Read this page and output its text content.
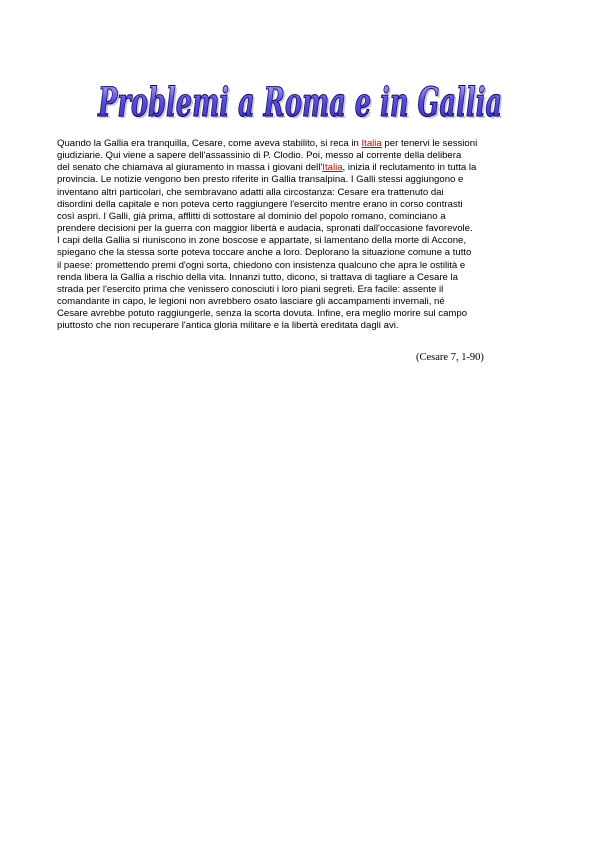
Problemi a Roma e in Gallia
Problemi a Roma e in Gallia

Quando la Gallia era tranquilla, Cesare, come aveva stabilito, si reca in Italia per tenervi le sessioni
giudiziarie. Qui viene a sapere dell'assassinio di P. Clodio. Poi, messo al corrente della delibera
del senato che chiamava al giuramento in massa i giovani dell'Italia, inizia il reclutamento in tutta la
provincia. Le notizie vengono ben presto riferite in Gallia transalpina. I Galli stessi aggiungono e
inventano altri particolari, che sembravano adatti alla circostanza: Cesare era trattenuto dai
disordini della capitale e non poteva certo raggiungere l'esercito mentre erano in corso contrasti
così aspri. I Galli, già prima, afflitti di sottostare al dominio del popolo romano, cominciano a
prendere decisioni per la guerra con maggior libertà e audacia, spronati dall'occasione favorevole.
I capi della Gallia si riuniscono in zone boscose e appartate, si lamentano della morte di Accone,
spiegano che la stessa sorte poteva toccare anche a loro. Deplorano la situazione comune a tutto
il paese: promettendo premi d'ogni sorta, chiedono con insistenza qualcuno che apra le ostilità e
renda libera la Gallia a rischio della vita. Innanzi tutto, dicono, si trattava di tagliare a Cesare la
strada per l'esercito prima che venissero conosciuti i loro piani segreti. Era facile: assente il
comandante in capo, le legioni non avrebbero osato lasciare gli accampamenti invernali, né
Cesare avrebbe potuto raggiungerle, senza la scorta dovuta. Infine, era meglio morire sul campo
piuttosto che non recuperare l'antica gloria militare e la libertà ereditata dagli avi.

(Cesare 7, 1-90)
